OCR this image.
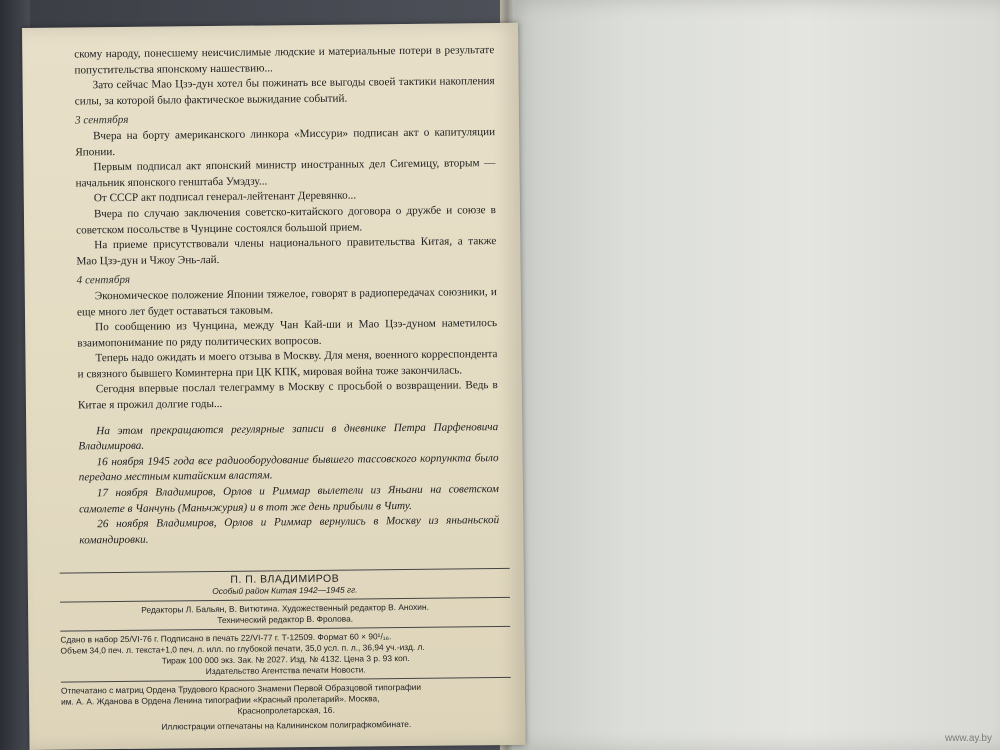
скому народу, понесшему неисчислимые людские и материальные потери в результате попустительства японскому нашествию...

Зато сейчас Мао Цзэ-дун хотел бы пожинать все выгоды своей тактики накопления силы, за которой было фактическое выжидание событий.

3 сентября

Вчера на борту американского линкора «Миссури» подписан акт о капитуляции Японии.

Первым подписал акт японский министр иностранных дел Сигемицу, вторым — начальник японского генштаба Умэдзу...

От СССР акт подписал генерал-лейтенант Деревянко...

Вчера по случаю заключения советско-китайского договора о дружбе и союзе в советском посольстве в Чунцине состоялся большой прием.

На приеме присутствовали члены национального правительства Китая, а также Мао Цзэ-дун и Чжоу Энь-лай.

4 сентября

Экономическое положение Японии тяжелое, говорят в радиопередачах союзники, и еще много лет будет оставаться таковым.

По сообщению из Чунцина, между Чан Кай-ши и Мао Цзэ-дуном наметилось взаимопонимание по ряду политических вопросов.

Теперь надо ожидать и моего отзыва в Москву. Для меня, военного корреспондента и связного бывшего Коминтерна при ЦК КПК, мировая война тоже закончилась.

Сегодня впервые послал телеграмму в Москву с просьбой о возвращении. Ведь в Китае я прожил долгие годы...

На этом прекращаются регулярные записи в дневнике Петра Парфеновича Владимирова.

16 ноября 1945 года все радиооборудование бывшего тассовского корпункта было передано местным китайским властям.

17 ноября Владимиров, Орлов и Риммар вылетели из Яньани на советском самолете в Чанчунь (Маньчжурия) и в тот же день прибыли в Читу.

26 ноября Владимиров, Орлов и Риммар вернулись в Москву из яньаньской командировки.

П. П. ВЛАДИМИРОВ
Особый район Китая 1942—1945 гг.

Редакторы Л. Бальян, В. Витютина. Художественный редактор В. Анохин.

Технический редактор В. Фролова.

Сдано в набор 25/VI-76 г. Подписано в печать 22/VI-77 г. Т-12509. Формат 60 × 90¹/₁₆.

Объем 34,0 печ. л. текста+1,0 печ. л. илл. по глубокой печати, 35,0 усл. п. л., 36,94 уч.-изд. л.

Тираж 100 000 экз. Зак. № 2027. Изд. № 4132. Цена 3 р. 93 коп.

Издательство Агентства печати Новости.

Отпечатано с матриц Ордена Трудового Красного Знамени Первой Образцовой типографии

им. А. А. Жданова в Ордена Ленина типографии «Красный пролетарий». Москва,

Краснопролетарская, 16.

Иллюстрации отпечатаны на Калининском полиграфкомбинате.

www.ay.by
